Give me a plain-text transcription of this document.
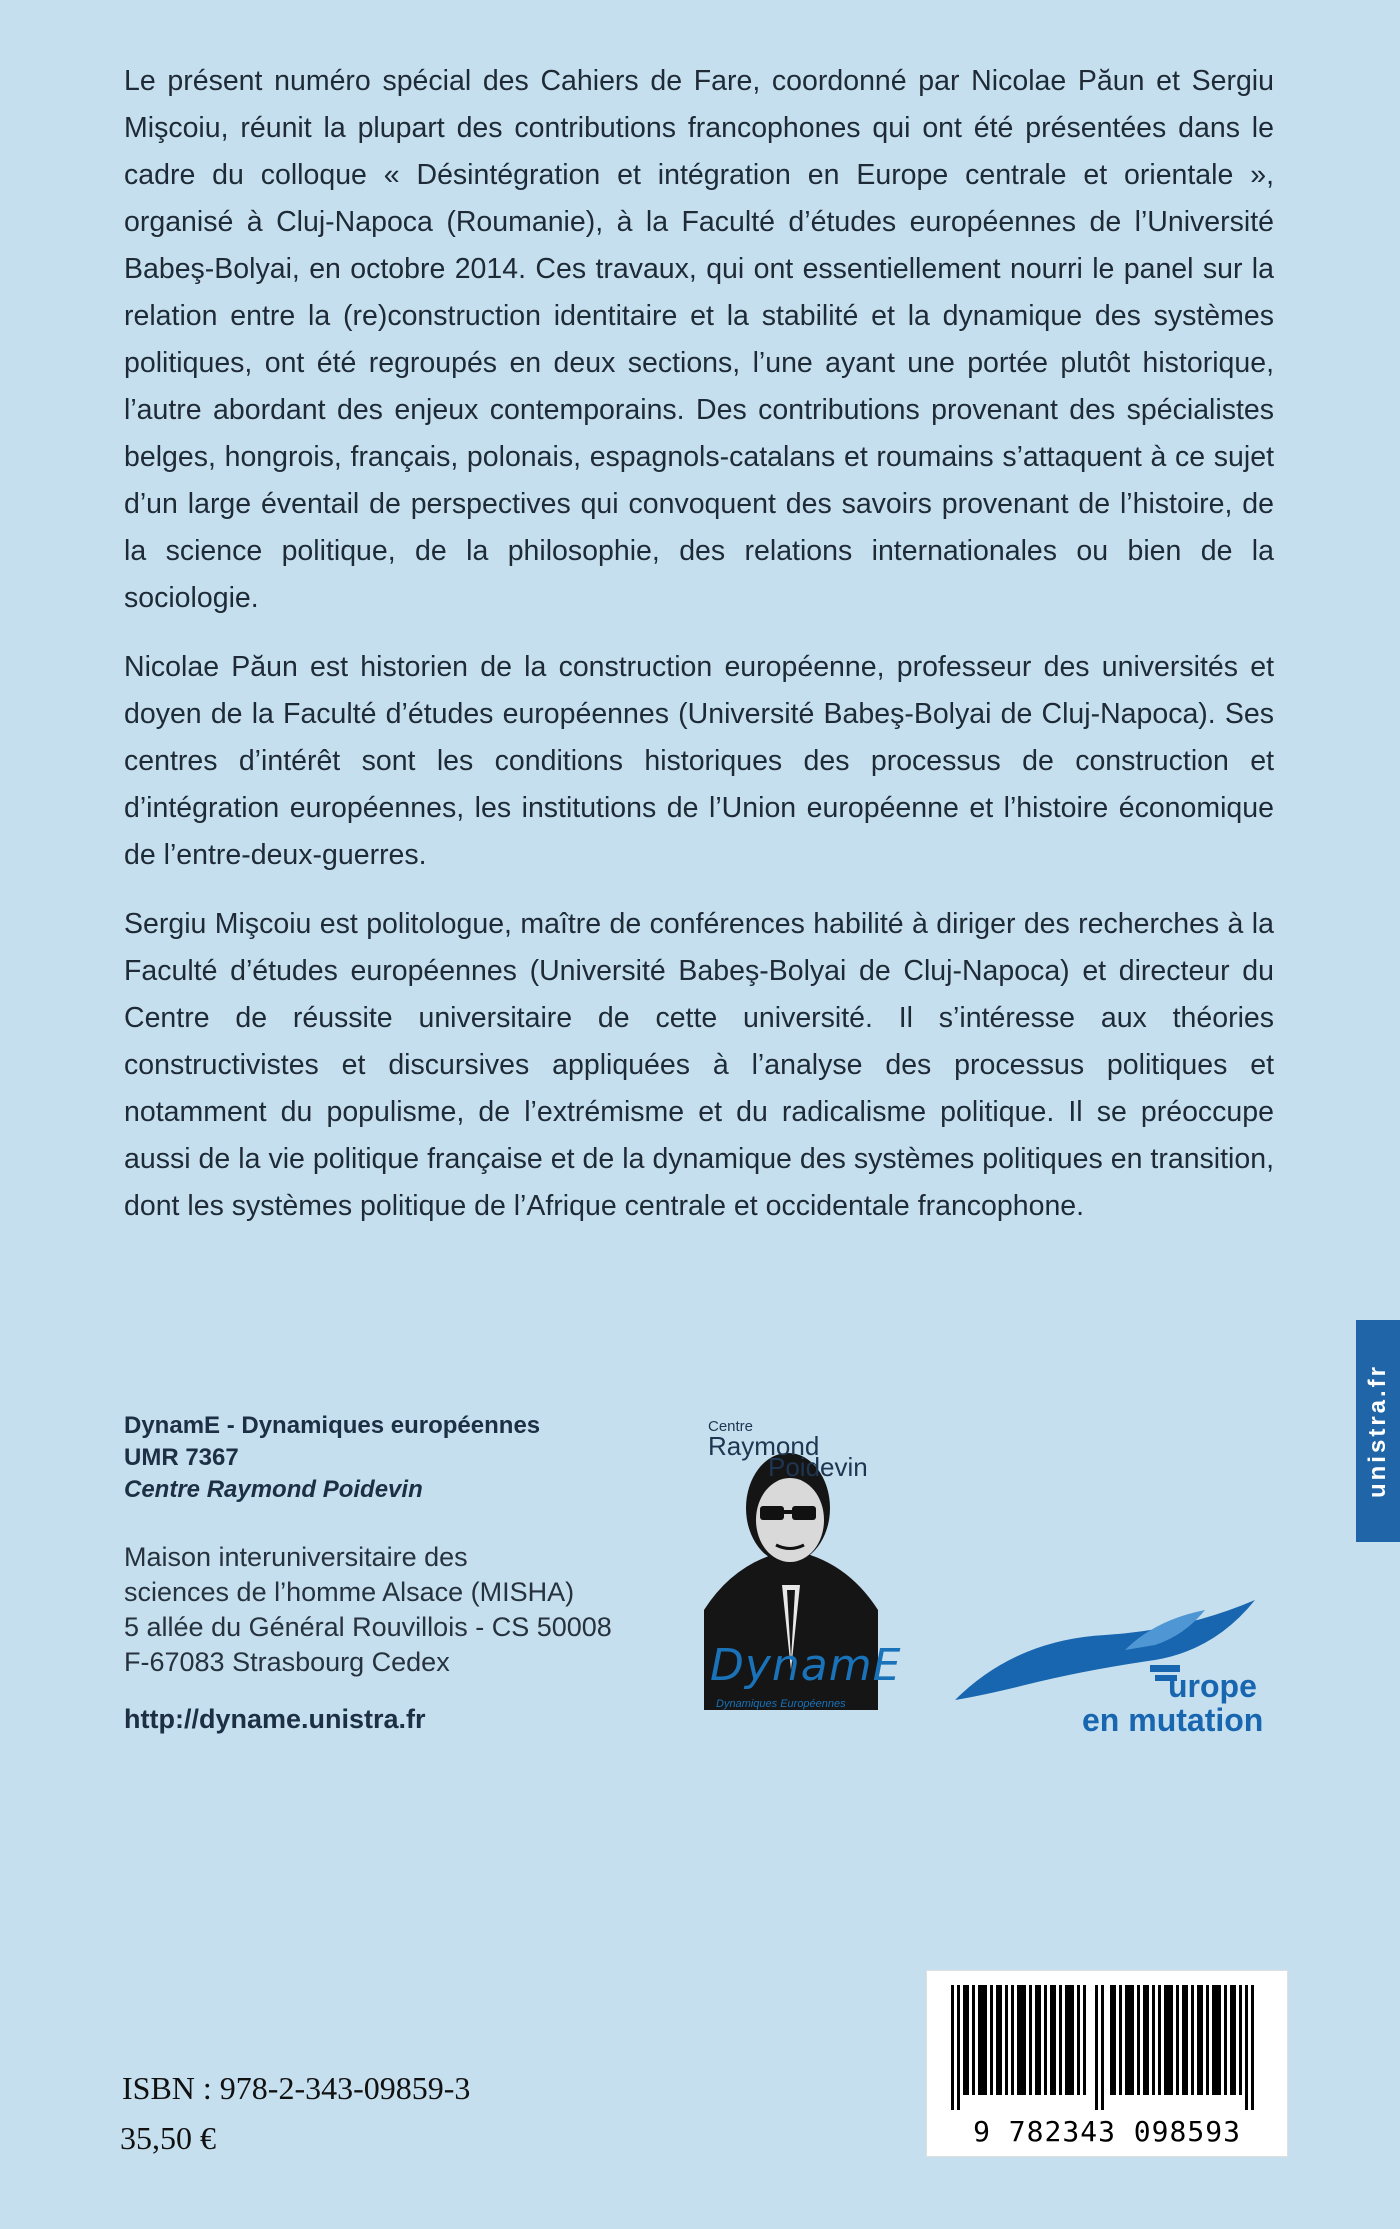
Le présent numéro spécial des Cahiers de Fare, coordonné par Nicolae Păun et Sergiu Mişcoiu, réunit la plupart des contributions francophones qui ont été présentées dans le cadre du colloque « Désintégration et intégration en Europe centrale et orientale », organisé à Cluj-Napoca (Roumanie), à la Faculté d’études européennes de l’Université Babeş-Bolyai, en octobre 2014. Ces travaux, qui ont essentiellement nourri le panel sur la relation entre la (re)construction identitaire et la stabilité et la dynamique des systèmes politiques, ont été regroupés en deux sections, l’une ayant une portée plutôt historique, l’autre abordant des enjeux contemporains. Des contributions provenant des spécialistes belges, hongrois, français, polonais, espagnols-catalans et roumains s’attaquent à ce sujet d’un large éventail de perspectives qui convoquent des savoirs provenant de l’histoire, de la science politique, de la philosophie, des relations internationales ou bien de la sociologie.

Nicolae Păun est historien de la construction européenne, professeur des universités et doyen de la Faculté d’études européennes (Université Babeş-Bolyai de Cluj-Napoca). Ses centres d’intérêt sont les conditions historiques des processus de construction et d’intégration européennes, les institutions de l’Union européenne et l’histoire économique de l’entre-deux-guerres.

Sergiu Mişcoiu est politologue, maître de conférences habilité à diriger des recherches à la Faculté d’études européennes (Université Babeş-Bolyai de Cluj-Napoca) et directeur du Centre de réussite universitaire de cette université. Il s’intéresse aux théories constructivistes et discursives appliquées à l’analyse des processus politiques et notamment du populisme, de l’extrémisme et du radicalisme politique. Il se préoccupe aussi de la vie politique française et de la dynamique des systèmes politiques en transition, dont les systèmes politique de l’Afrique centrale et occidentale francophone.

unistra.fr
DynamE - Dynamiques européennes
UMR 7367
Centre Raymond Poidevin
Maison interuniversitaire des
sciences de l’homme Alsace (MISHA)
5 allée du Général Rouvillois - CS 50008
F-67083 Strasbourg Cedex
http://dyname.unistra.fr
Centre
Raymond
Poidevin
DynamE
Dynamiques Européennes	urope
en mutation
ISBN : 978-2-343-09859-3
35,50 €	9 782343 098593
